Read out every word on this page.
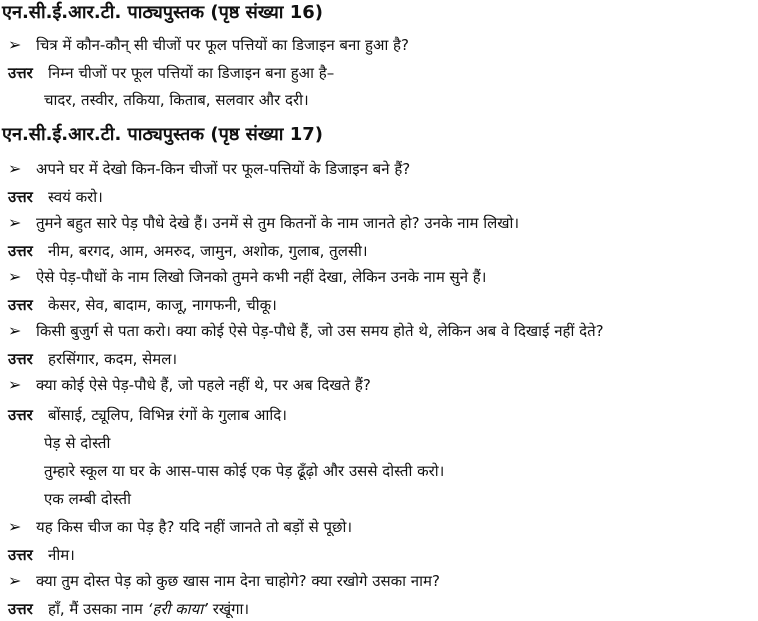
एन.सी.ई.आर.टी. पाठ्यपुस्तक (पृष्ठ संख्या 16)
➢ चित्र में कौन-कौन् सी चीजों पर फूल पत्तियों का डिजाइन बना हुआ है?
उत्तर निम्न चीजों पर फूल पत्तियों का डिजाइन बना हुआ है–
चादर, तस्वीर, तकिया, किताब, सलवार और दरी।
एन.सी.ई.आर.टी. पाठ्यपुस्तक (पृष्ठ संख्या 17)
➢ अपने घर में देखो किन-किन चीजों पर फूल-पत्तियों के डिजाइन बने हैं?
उत्तर स्वयं करो।
➢ तुमने बहुत सारे पेड़ पौधे देखे हैं। उनमें से तुम कितनों के नाम जानते हो? उनके नाम लिखो।
उत्तर नीम, बरगद, आम, अमरुद, जामुन, अशोक, गुलाब, तुलसी।
➢ ऐसे पेड़-पौधों के नाम लिखो जिनको तुमने कभी नहीं देखा, लेकिन उनके नाम सुने हैं।
उत्तर केसर, सेव, बादाम, काजू, नागफनी, चीकू।
➢ किसी बुजुर्ग से पता करो। क्या कोई ऐसे पेड़-पौधे हैं, जो उस समय होते थे, लेकिन अब वे दिखाई नहीं देते?
उत्तर हरसिंगार, कदम, सेमल।
➢ क्या कोई ऐसे पेड़-पौधे हैं, जो पहले नहीं थे, पर अब दिखते हैं?
उत्तर बोंसाई, ट्यूलिप, विभिन्न रंगों के गुलाब आदि।
पेड़ से दोस्ती
तुम्हारे स्कूल या घर के आस-पास कोई एक पेड़ ढूँढ़ो और उससे दोस्ती करो।
एक लम्बी दोस्ती
➢ यह किस चीज का पेड़ है? यदि नहीं जानते तो बड़ों से पूछो।
उत्तर नीम।
➢ क्या तुम दोस्त पेड़ को कुछ खास नाम देना चाहोगे? क्या रखोगे उसका नाम?
उत्तर हाँ, मैं उसका नाम ‘हरी काया’ रखूंगा।
